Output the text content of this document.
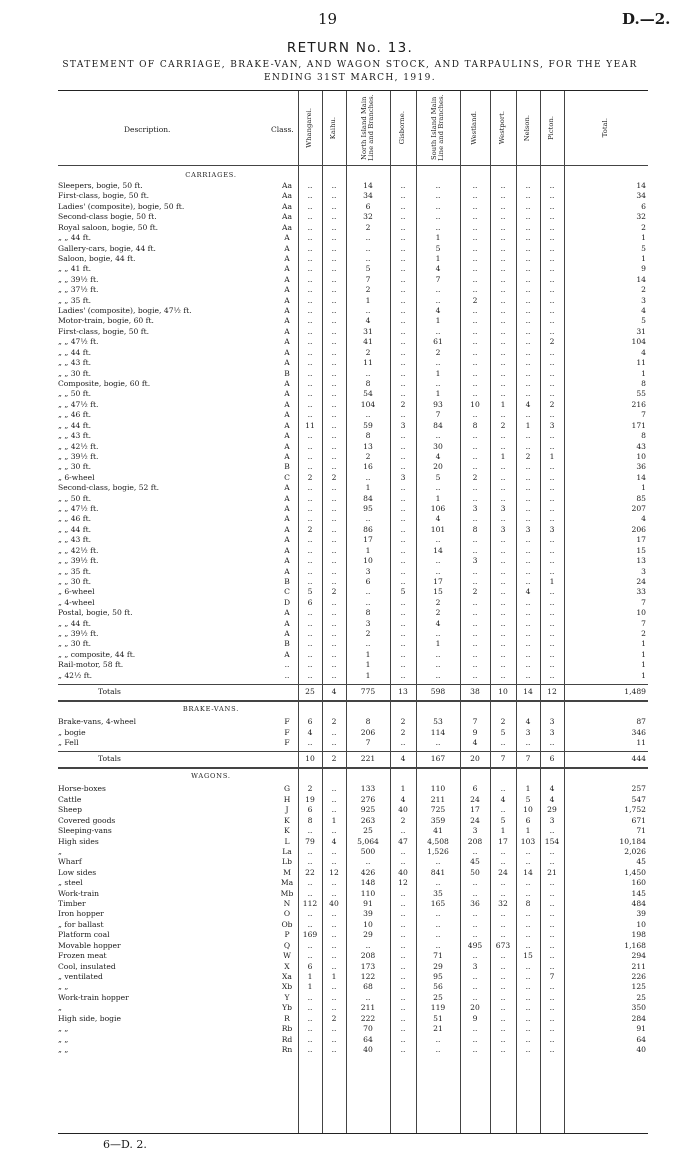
19	D.—2.
RETURN No. 13.
STATEMENT OF CARRIAGE, BRAKE-VAN, AND WAGON STOCK, AND TARPAULINS, FOR THE YEAR
ENDING 31ST MARCH, 1919.
Description.	Class. Whangarei. Kaihu.	North Island Main Line and Branches.	Gisborne.	South Island Main Line and Branches.	Westland.	Westport.	Nelson. Picton.	Total.
CARRIAGES.
Sleepers, bogie, 50 ft.	Aa	..	..	14	..	..	..	..	..	..	14
First-class, bogie, 50 ft.	Aa	..	..	34	..	..	..	..	..	..	34
Ladies' (composite), bogie, 50 ft.	Aa	..	..	6	..	..	..	..	..	..	6
Second-class bogie, 50 ft.	Aa	..	..	32	..	..	..	..	..	..	32
Royal saloon, bogie, 50 ft.	Aa	..	..	2	..	..	..	..	..	..	2
„ „ 44 ft.	A	..	..	..	..	1	..	..	..	..	1
Gallery-cars, bogie, 44 ft.	A	..	..	..	..	5	..	..	..	..	5
Saloon, bogie, 44 ft.	A	..	..	..	..	1	..	..	..	..	1
„ „ 41 ft.	A	..	..	5	..	4	..	..	..	..	9
„ „ 39½ ft.	A	..	..	7	..	7	..	..	..	..	14
„ „ 37½ ft.	A	..	..	2	..	..	..	..	..	..	2
„ „ 35 ft.	A	..	..	1	..	..	2	..	..	..	3
Ladies' (composite), bogie, 47½ ft.	A	..	..	..	..	4	..	..	..	..	4
Motor-train, bogie, 60 ft.	A	..	..	4	..	1	..	..	..	..	5
First-class, bogie, 50 ft.	A	..	..	31	..	..	..	..	..	..	31
„ „ 47½ ft.	A	..	..	41	..	61	..	..	..	2	104
„ „ 44 ft.	A	..	..	2	..	2	..	..	..	..	4
„ „ 43 ft.	A	..	..	11	..	..	..	..	..	..	11
„ „ 30 ft.	B	..	..	..	..	1	..	..	..	..	1
Composite, bogie, 60 ft.	A	..	..	8	..	..	..	..	..	..	8
„ „ 50 ft.	A	..	..	54	..	1	..	..	..	..	55
„ „ 47½ ft.	A	..	..	104	2	93	10	1	4	2	216
„ „ 46 ft.	A	..	..	..	..	7	..	..	..	..	7
„ „ 44 ft.	A	11	..	59	3	84	8	2	1	3	171
„ „ 43 ft.	A	..	..	8	..	..	..	..	..	..	8
„ „ 42½ ft.	A	..	..	13	..	30	..	..	..	..	43
„ „ 39½ ft.	A	..	..	2	..	4	..	1	2	1	10
„ „ 30 ft.	B	..	..	16	..	20	..	..	..	..	36
„ 6-wheel	C	2	2	..	3	5	2	..	..	..	14
Second-class, bogie, 52 ft.	A	..	..	1	..	..	..	..	..	..	1
„ „ 50 ft.	A	..	..	84	..	1	..	..	..	..	85
„ „ 47½ ft.	A	..	..	95	..	106	3	3	..	..	207
„ „ 46 ft.	A	..	..	..	..	4	..	..	..	..	4
„ „ 44 ft.	A	2	..	86	..	101	8	3	3	3	206
„ „ 43 ft.	A	..	..	17	..	..	..	..	..	..	17
„ „ 42½ ft.	A	..	..	1	..	14	..	..	..	..	15
„ „ 39½ ft.	A	..	..	10	..	..	3	..	..	..	13
„ „ 35 ft.	A	..	..	3	..	..	..	..	..	..	3
„ „ 30 ft.	B	..	..	6	..	17	..	..	..	1	24
„ 6-wheel	C	5	2	..	5	15	2	..	4	..	33
„ 4-wheel	D	6	..	..	..	2	..	..	..	..	7
Postal, bogie, 50 ft.	A	..	..	8	..	2	..	..	..	..	10
„ „ 44 ft.	A	..	..	3	..	4	..	..	..	..	7
„ „ 39½ ft.	A	..	..	2	..	..	..	..	..	..	2
„ „ 30 ft.	B	..	..	..	..	1	..	..	..	..	1
„ „ composite, 44 ft.	A	..	..	1	..	..	..	..	..	..	1
Rail-motor, 58 ft.	..	..	..	1	..	..	..	..	..	..	1
„ 42½ ft.	..	..	..	1	..	..	..	..	..	..	1
Totals	25	4	775	13	598	38	10	14	12	1,489
BRAKE-VANS.
Brake-vans, 4-wheel	F	6	2	8	2	53	7	2	4	3	87
„ bogie	F	4	..	206	2	114	9	5	3	3	346
„ Fell	F	..	..	7	..	..	4	..	..	..	11
Totals	10	2	221	4	167	20	7	7	6	444
WAGONS.
Horse-boxes	G	2	..	133	1	110	6	..	1	4	257
Cattle	H	19	..	276	4	211	24	4	5	4	547
Sheep	J	6	..	925	40	725	17	..	10	29	1,752
Covered goods	K	8	1	263	2	359	24	5	6	3	671
Sleeping-vans	K	..	..	25	..	41	3	1	1	..	71
High sides	L	79	4	5,064	47	4,508	208	17	103	154	10,184
„	La	..	..	500	..	1,526	..	..	..	..	2,026
Wharf	Lb	..	..	..	..	..	45	..	..	..	45
Low sides	M	22	12	426	40	841	50	24	14	21	1,450
„ steel	Ma	..	..	148	12	..	..	..	..	..	160
Work-train	Mb	..	..	110	..	35	..	..	..	..	145
Timber	N	112	40	91	..	165	36	32	8	..	484
Iron hopper	O	..	..	39	..	..	..	..	..	..	39
„ for ballast	Ob	..	..	10	..	..	..	..	..	..	10
Platform coal	P	169	..	29	..	..	..	..	..	..	198
Movable hopper	Q	..	..	..	..	..	495	673	..	..	1,168
Frozen meat	W	..	..	208	..	71	..	..	15	..	294
Cool, insulated	X	6	..	173	..	29	3	..	..	..	211
„ ventilated	Xa	1	1	122	..	95	..	..	..	7	226
„ „	Xb	1	..	68	..	56	..	..	..	..	125
Work-train hopper	Y	..	..	..	..	25	..	..	..	..	25
„	Yb	..	..	211	..	119	20	..	..	..	350
High side, bogie	R	..	2	222	..	51	9	..	..	..	284
„ „	Rb	..	..	70	..	21	..	..	..	..	91
„ „	Rd	..	..	64	..	..	..	..	..	..	64
„ „	Rn	..	..	40	..	..	..	..	..	..	40
6—D. 2.
